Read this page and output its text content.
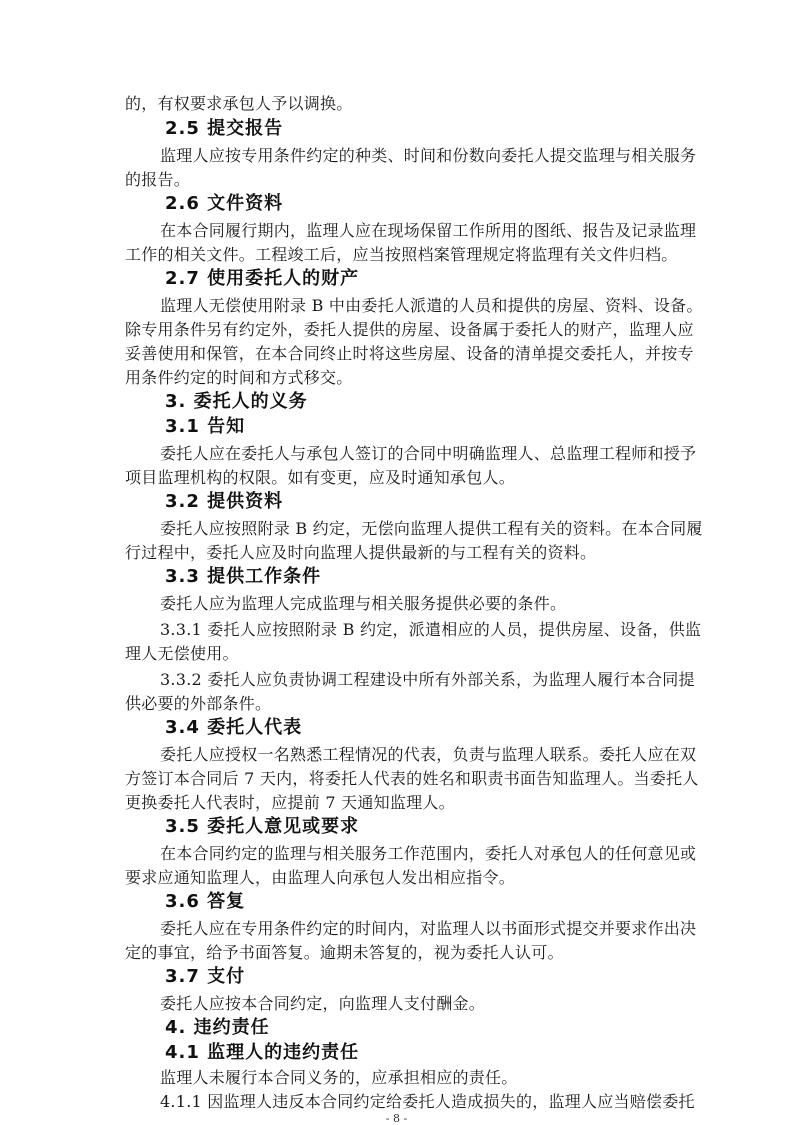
的，有权要求承包人予以调换。
2.5 提交报告
监理人应按专用条件约定的种类、时间和份数向委托人提交监理与相关服务
的报告。
2.6 文件资料
在本合同履行期内，监理人应在现场保留工作所用的图纸、报告及记录监理
工作的相关文件。工程竣工后，应当按照档案管理规定将监理有关文件归档。
2.7 使用委托人的财产
监理人无偿使用附录 B 中由委托人派遣的人员和提供的房屋、资料、设备。
除专用条件另有约定外，委托人提供的房屋、设备属于委托人的财产，监理人应
妥善使用和保管，在本合同终止时将这些房屋、设备的清单提交委托人，并按专
用条件约定的时间和方式移交。
3. 委托人的义务
3.1 告知
委托人应在委托人与承包人签订的合同中明确监理人、总监理工程师和授予
项目监理机构的权限。如有变更，应及时通知承包人。
3.2 提供资料
委托人应按照附录 B 约定，无偿向监理人提供工程有关的资料。在本合同履
行过程中，委托人应及时向监理人提供最新的与工程有关的资料。
3.3 提供工作条件
委托人应为监理人完成监理与相关服务提供必要的条件。
3.3.1 委托人应按照附录 B 约定，派遣相应的人员，提供房屋、设备，供监
理人无偿使用。
3.3.2 委托人应负责协调工程建设中所有外部关系，为监理人履行本合同提
供必要的外部条件。
3.4 委托人代表
委托人应授权一名熟悉工程情况的代表，负责与监理人联系。委托人应在双
方签订本合同后 7 天内，将委托人代表的姓名和职责书面告知监理人。当委托人
更换委托人代表时，应提前 7 天通知监理人。
3.5 委托人意见或要求
在本合同约定的监理与相关服务工作范围内，委托人对承包人的任何意见或
要求应通知监理人，由监理人向承包人发出相应指令。
3.6 答复
委托人应在专用条件约定的时间内，对监理人以书面形式提交并要求作出决
定的事宜，给予书面答复。逾期未答复的，视为委托人认可。
3.7 支付
委托人应按本合同约定，向监理人支付酬金。
4. 违约责任
4.1 监理人的违约责任
监理人未履行本合同义务的，应承担相应的责任。
4.1.1 因监理人违反本合同约定给委托人造成损失的，监理人应当赔偿委托
- 8 -
